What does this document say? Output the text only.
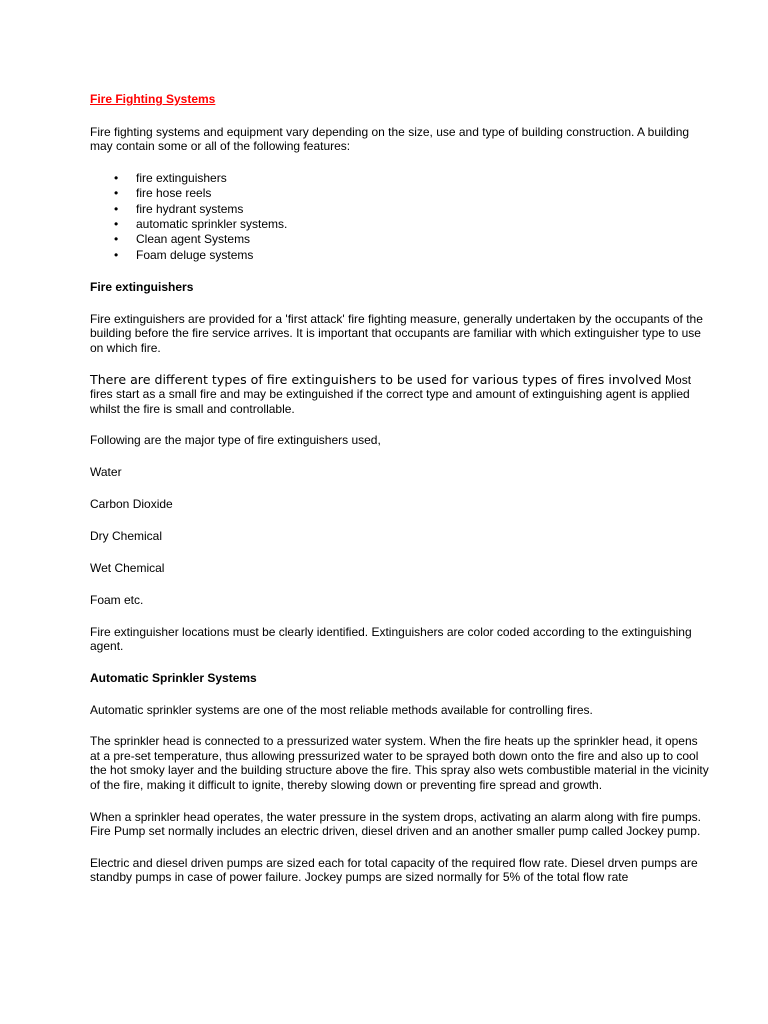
Fire Fighting Systems

Fire fighting systems and equipment vary depending on the size, use and type of building construction. A building may contain some or all of the following features:

• fire extinguishers
• fire hose reels
• fire hydrant systems
• automatic sprinkler systems.
• Clean agent Systems
• Foam deluge systems
Fire extinguishers

Fire extinguishers are provided for a 'first attack' fire fighting measure, generally undertaken by the occupants of the building before the fire service arrives. It is important that occupants are familiar with which extinguisher type to use on which fire.

There are different types of fire extinguishers to be used for various types of fires involved Most fires start as a small fire and may be extinguished if the correct type and amount of extinguishing agent is applied whilst the fire is small and controllable.

Following are the major type of fire extinguishers used,

Water
Carbon Dioxide
Dry Chemical
Wet Chemical
Foam etc.

Fire extinguisher locations must be clearly identified. Extinguishers are color coded according to the extinguishing agent.

Automatic Sprinkler Systems

Automatic sprinkler systems are one of the most reliable methods available for controlling fires.

The sprinkler head is connected to a pressurized water system. When the fire heats up the sprinkler head, it opens at a pre-set temperature, thus allowing pressurized water to be sprayed both down onto the fire and also up to cool the hot smoky layer and the building structure above the fire. This spray also wets combustible material in the vicinity of the fire, making it difficult to ignite, thereby slowing down or preventing fire spread and growth.

When a sprinkler head operates, the water pressure in the system drops, activating an alarm along with fire pumps. Fire Pump set normally includes an electric driven, diesel driven and an another smaller pump called Jockey pump.

Electric and diesel driven pumps are sized each for total capacity of the required flow rate. Diesel drven pumps are standby pumps in case of power failure. Jockey pumps are sized normally for 5% of the total flow rate
